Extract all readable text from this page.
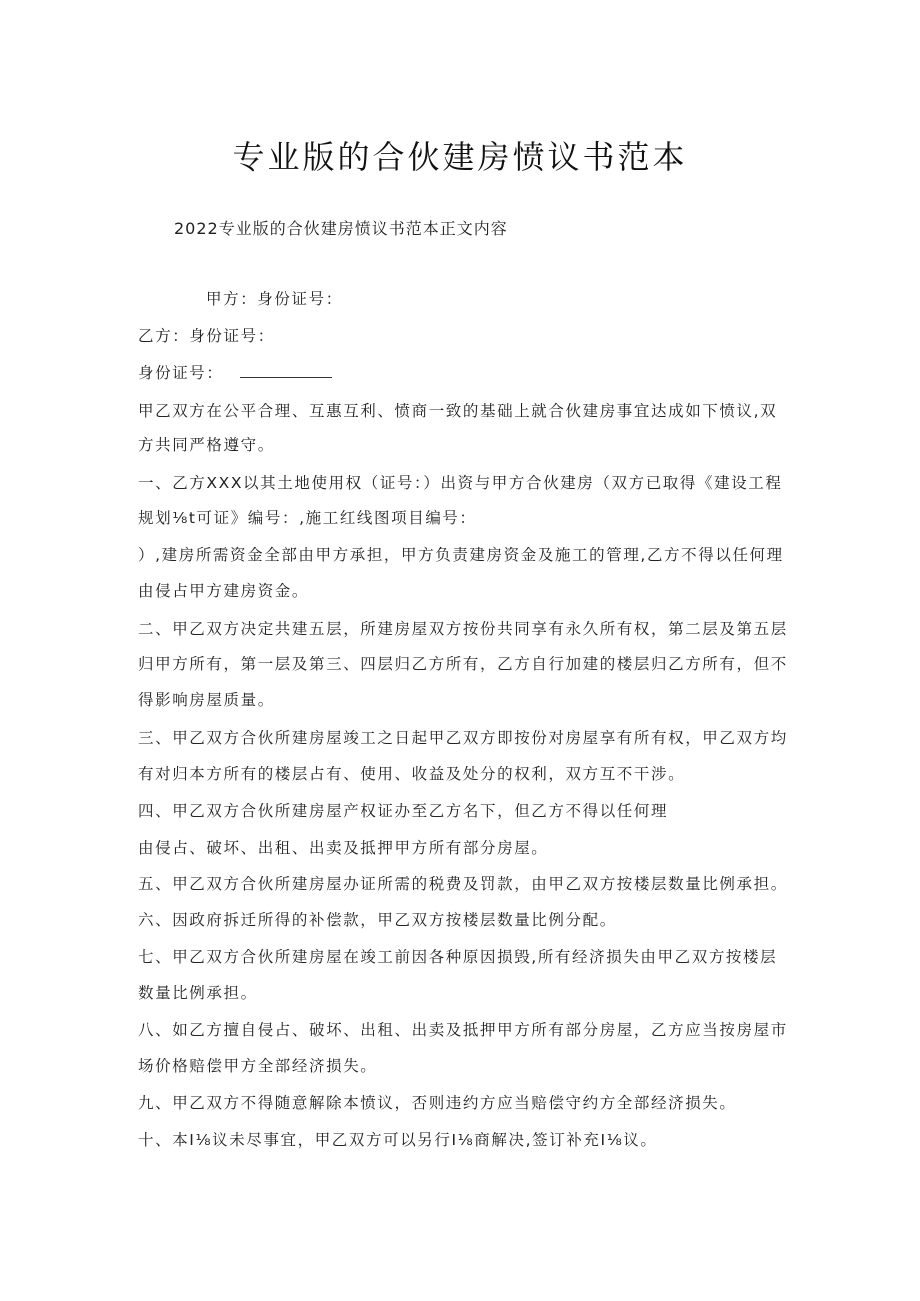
专业版的合伙建房愤议书范本
2022专业版的合伙建房愤议书范本正文内容
甲方：身份证号：
乙方：身份证号：
身份证号：
甲乙双方在公平合理、互惠互利、愤商一致的基础上就合伙建房事宜达成如下愤议,双
方共同严格遵守。
一、乙方XXX以其土地使用权（证号：）出资与甲方合伙建房（双方已取得《建设工程
规划⅛t可证》编号：,施工红线图项目编号：
）,建房所需资金全部由甲方承担，甲方负责建房资金及施工的管理,乙方不得以任何理
由侵占甲方建房资金。
二、甲乙双方决定共建五层，所建房屋双方按份共同享有永久所有权，第二层及第五层
归甲方所有，第一层及第三、四层归乙方所有，乙方自行加建的楼层归乙方所有，但不
得影响房屋质量。
三、甲乙双方合伙所建房屋竣工之日起甲乙双方即按份对房屋享有所有权，甲乙双方均
有对归本方所有的楼层占有、使用、收益及处分的权利，双方互不干涉。
四、甲乙双方合伙所建房屋产权证办至乙方名下，但乙方不得以任何理
由侵占、破坏、出租、出卖及抵押甲方所有部分房屋。
五、甲乙双方合伙所建房屋办证所需的税费及罚款，由甲乙双方按楼层数量比例承担。
六、因政府拆迁所得的补偿款，甲乙双方按楼层数量比例分配。
七、甲乙双方合伙所建房屋在竣工前因各种原因损毁,所有经济损失由甲乙双方按楼层
数量比例承担。
八、如乙方擅自侵占、破坏、出租、出卖及抵押甲方所有部分房屋，乙方应当按房屋市
场价格赔偿甲方全部经济损失。
九、甲乙双方不得随意解除本愤议，否则违约方应当赔偿守约方全部经济损失。
十、本I⅛议未尽事宜，甲乙双方可以另行I⅛商解决,签订补充I⅛议。
